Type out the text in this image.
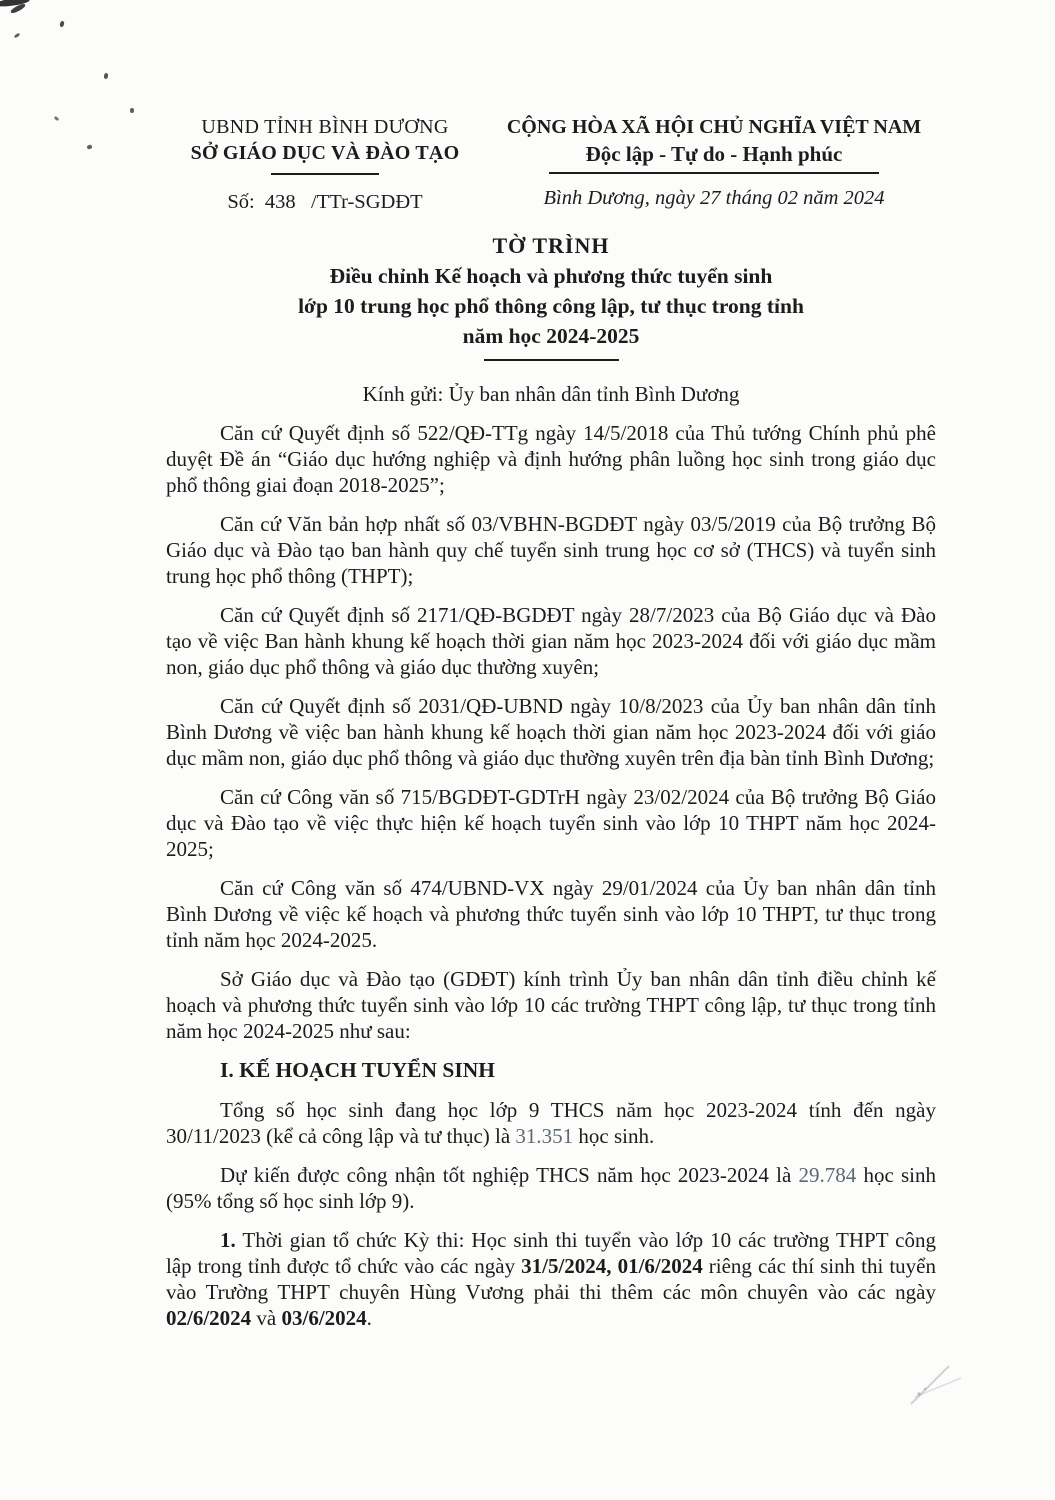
UBND TỈNH BÌNH DƯƠNG
SỞ GIÁO DỤC VÀ ĐÀO TẠO
Số:  438   /TTr-SGDĐT
CỘNG HÒA XÃ HỘI CHỦ NGHĨA VIỆT NAM
Độc lập - Tự do - Hạnh phúc
Bình Dương, ngày 27 tháng 02 năm 2024
TỜ TRÌNH
Điều chỉnh Kế hoạch và phương thức tuyển sinh
lớp 10 trung học phổ thông công lập, tư thục trong tỉnh
năm học 2024-2025
Kính gửi: Ủy ban nhân dân tỉnh Bình Dương

Căn cứ Quyết định số 522/QĐ-TTg ngày 14/5/2018 của Thủ tướng Chính phủ phê duyệt Đề án “Giáo dục hướng nghiệp và định hướng phân luồng học sinh trong giáo dục phổ thông giai đoạn 2018-2025”;

Căn cứ Văn bản hợp nhất số 03/VBHN-BGDĐT ngày 03/5/2019 của Bộ trưởng Bộ Giáo dục và Đào tạo ban hành quy chế tuyển sinh trung học cơ sở (THCS) và tuyển sinh trung học phổ thông (THPT);

Căn cứ Quyết định số 2171/QĐ-BGDĐT ngày 28/7/2023 của Bộ Giáo dục và Đào tạo về việc Ban hành khung kế hoạch thời gian năm học 2023-2024 đối với giáo dục mầm non, giáo dục phổ thông và giáo dục thường xuyên;

Căn cứ Quyết định số 2031/QĐ-UBND ngày 10/8/2023 của Ủy ban nhân dân tỉnh Bình Dương về việc ban hành khung kế hoạch thời gian năm học 2023-2024 đối với giáo dục mầm non, giáo dục phổ thông và giáo dục thường xuyên trên địa bàn tỉnh Bình Dương;

Căn cứ Công văn số 715/BGDĐT-GDTrH ngày 23/02/2024 của Bộ trưởng Bộ Giáo dục và Đào tạo về việc thực hiện kế hoạch tuyển sinh vào lớp 10 THPT năm học 2024-2025;

Căn cứ Công văn số 474/UBND-VX ngày 29/01/2024 của Ủy ban nhân dân tỉnh Bình Dương về việc kế hoạch và phương thức tuyển sinh vào lớp 10 THPT, tư thục trong tỉnh năm học 2024-2025.

Sở Giáo dục và Đào tạo (GDĐT) kính trình Ủy ban nhân dân tỉnh điều chỉnh kế hoạch và phương thức tuyển sinh vào lớp 10 các trường THPT công lập, tư thục trong tỉnh năm học 2024-2025 như sau:

I. KẾ HOẠCH TUYỂN SINH

Tổng số học sinh đang học lớp 9 THCS năm học 2023-2024 tính đến ngày 30/11/2023 (kể cả công lập và tư thục) là 31.351 học sinh.

Dự kiến được công nhận tốt nghiệp THCS năm học 2023-2024 là 29.784 học sinh (95% tổng số học sinh lớp 9).

1. Thời gian tổ chức Kỳ thi: Học sinh thi tuyển vào lớp 10 các trường THPT công lập trong tỉnh được tổ chức vào các ngày 31/5/2024, 01/6/2024 riêng các thí sinh thi tuyển vào Trường THPT chuyên Hùng Vương phải thi thêm các môn chuyên vào các ngày 02/6/2024 và 03/6/2024.
